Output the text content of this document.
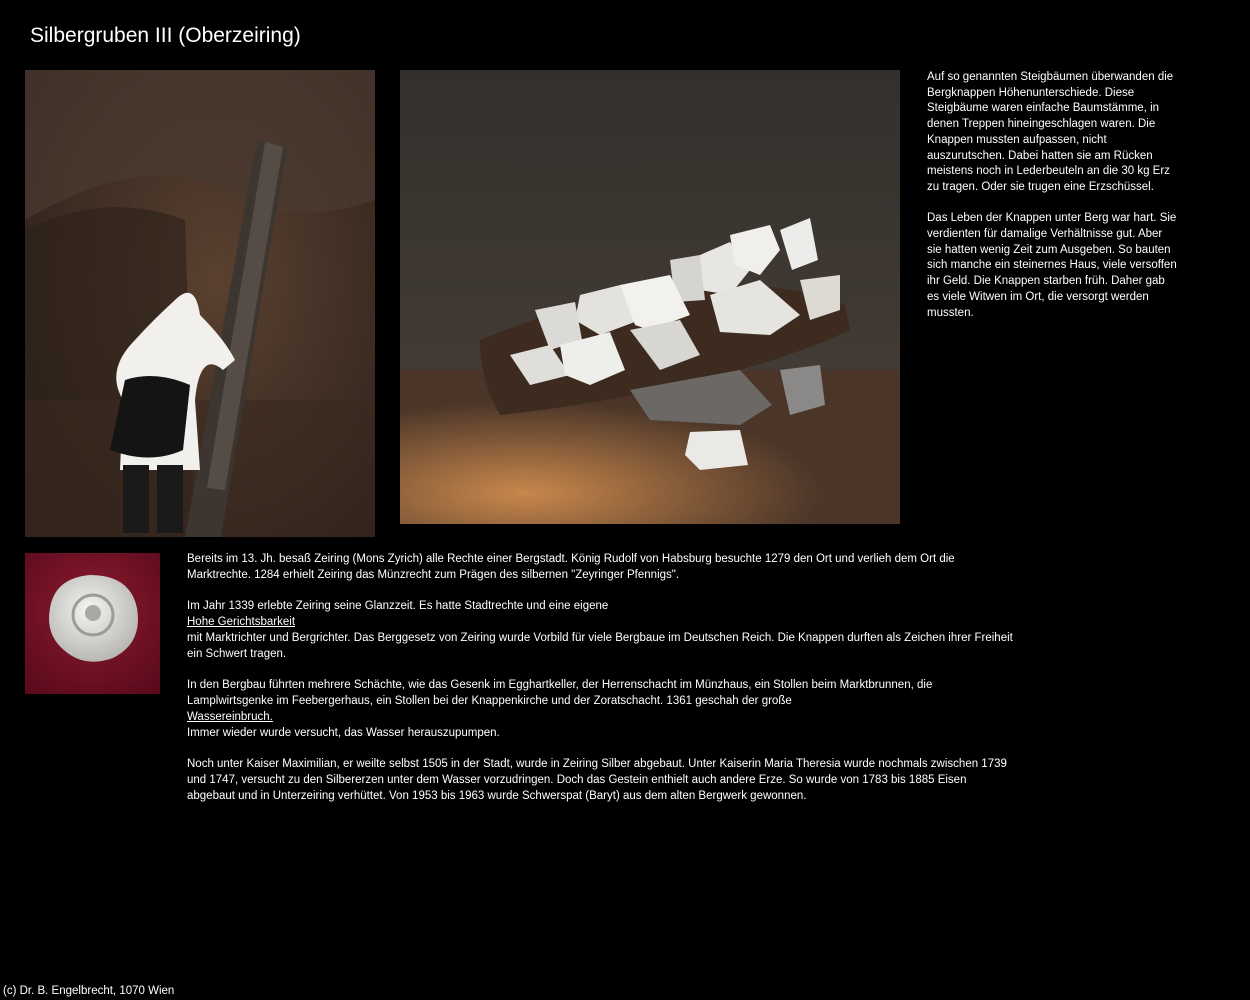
Silbergruben III (Oberzeiring)

Auf so genannten Steigbäumen überwanden die Bergknappen Höhenunterschiede. Diese Steigbäume waren einfache Baumstämme, in denen Treppen hineingeschlagen waren. Die Knappen mussten aufpassen, nicht auszurutschen. Dabei hatten sie am Rücken meistens noch in Lederbeuteln an die 30 kg Erz zu tragen. Oder sie trugen eine Erzschüssel.

Das Leben der Knappen unter Berg war hart. Sie verdienten für damalige Verhältnisse gut. Aber sie hatten wenig Zeit zum Ausgeben. So bauten sich manche ein steinernes Haus, viele versoffen ihr Geld. Die Knappen starben früh. Daher gab es viele Witwen im Ort, die versorgt werden mussten.

Bereits im 13. Jh. besaß Zeiring (Mons Zyrich) alle Rechte einer Bergstadt. König Rudolf von Habsburg besuchte 1279 den Ort und verlieh dem Ort die Marktrechte. 1284 erhielt Zeiring das Münzrecht zum Prägen des silbernen "Zeyringer Pfennigs".

Im Jahr 1339 erlebte Zeiring seine Glanzzeit. Es hatte Stadtrechte und eine eigene
Hohe Gerichtsbarkeit
mit Marktrichter und Bergrichter. Das Berggesetz von Zeiring wurde Vorbild für viele Bergbaue im Deutschen Reich. Die Knappen durften als Zeichen ihrer Freiheit ein Schwert tragen.

In den Bergbau führten mehrere Schächte, wie das Gesenk im Egghartkeller, der Herrenschacht im Münzhaus, ein Stollen beim Marktbrunnen, die Lamplwirtsgenke im Feebergerhaus, ein Stollen bei der Knappenkirche und der Zoratschacht. 1361 geschah der große
Wassereinbruch.
Immer wieder wurde versucht, das Wasser herauszupumpen.

Noch unter Kaiser Maximilian, er weilte selbst 1505 in der Stadt, wurde in Zeiring Silber abgebaut. Unter Kaiserin Maria Theresia wurde nochmals zwischen 1739 und 1747, versucht zu den Silbererzen unter dem Wasser vorzudringen. Doch das Gestein enthielt auch andere Erze. So wurde von 1783 bis 1885 Eisen abgebaut und in Unterzeiring verhüttet. Von 1953 bis 1963 wurde Schwerspat (Baryt) aus dem alten Bergwerk gewonnen.

(c) Dr. B. Engelbrecht, 1070 Wien
